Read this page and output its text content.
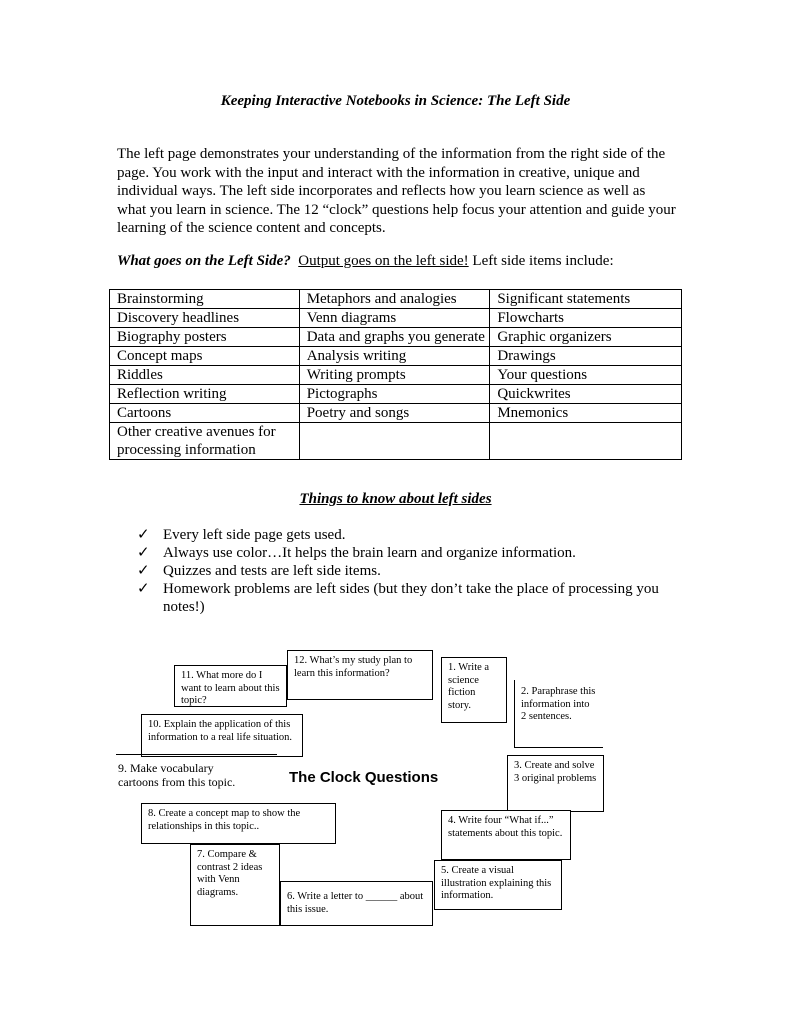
Keeping Interactive Notebooks in Science: The Left Side
The left page demonstrates your understanding of the information from the right side of the page. You work with the input and interact with the information in creative, unique and individual ways. The left side incorporates and reflects how you learn science as well as what you learn in science. The 12 “clock” questions help focus your attention and guide your learning of the science content and concepts.
What goes on the Left Side? Output goes on the left side! Left side items include:
Brainstorming	Metaphors and analogies	Significant statements
Discovery headlines	Venn diagrams	Flowcharts
Biography posters	Data and graphs you generate	Graphic organizers
Concept maps	Analysis writing	Drawings
Riddles	Writing prompts	Your questions
Reflection writing	Pictographs	Quickwrites
Cartoons	Poetry and songs	Mnemonics
Other creative avenues for processing information		
Things to know about left sides
✓ Every left side page gets used.
✓ Always use color…It helps the brain learn and organize information.
✓ Quizzes and tests are left side items.
✓ Homework problems are left sides (but they don’t take the place of processing you notes!)
12. What’s my study plan to learn this information?
11. What more do I want to learn about this topic?
1. Write a science fiction story.
2. Paraphrase this information into 2 sentences.
10. Explain the application of this information to a real life situation.
9. Make vocabulary cartoons from this topic.	The Clock Questions
3. Create and solve 3 original problems
8. Create a concept map to show the relationships in this topic..	4. Write four “What if...” statements about this topic.
7. Compare & contrast 2 ideas with Venn diagrams.	6. Write a letter to ______ about this issue.
5. Create a visual illustration explaining this information.
